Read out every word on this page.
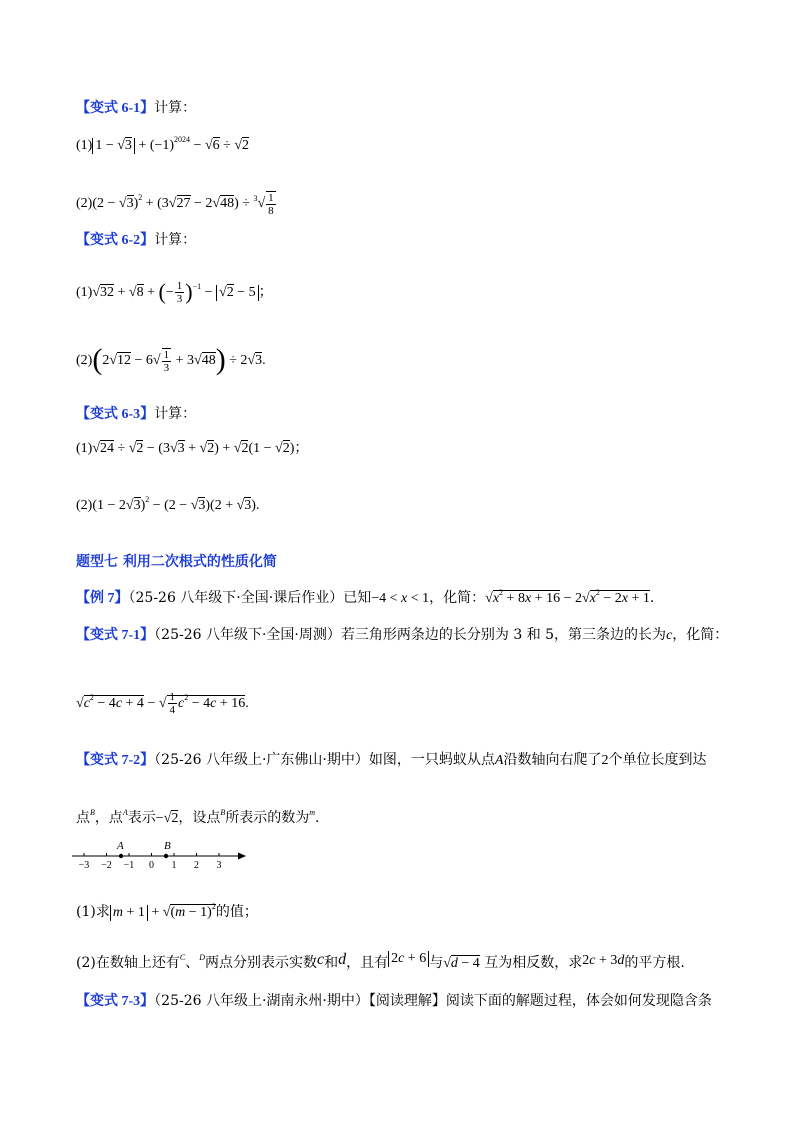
【变式 6-1】计算：
(1) $1 - √3 + (-1)^{2024} - √6 \div √2$
$(2)(2 - √3)^2 + (3√27 - 2√48) \div ^3√ \frac{1}{8}$
【变式 6-2】计算：
(1)√32 + √8 + (− $\frac{1}{3} )^{-1} - √2 - 5$ ；
$(2)(2√12 - 6√ \frac{1}{3} + 3√48) \div 2√3$.
【变式 6-3】计算：
(1)√24 ÷ √2 − (3√3 + √2) + √2(1 − √2)；
$(2)(1 - 2√3)^2 - (2 - √3)(2 + √3)$.
题型七 利用二次根式的性质化简
【例 7】（25-26 八年级下·全国·课后作业）已知−4 < x < 1，化简：$√x^2 + 8x + 16 - 2√x^2 - 2x + 1$.
【变式 7-1】（25-26 八年级下·全国·周测）若三角形两条边的长分别为 3 和 5，第三条边的长为c，化简：
$√c^2 - 4c + 4$ − √ $\frac{1}{4} c^2 - 4c + 16$.
【变式 7-2】（25-26 八年级上·广东佛山·期中）如图，一只蚂蚁从点A沿数轴向右爬了2个单位长度到达
点$^B$，点$^A$表示−√2，设点$^B$所表示的数为$^m$.
−3 −2 −1 0 1 2 3
A	B
(1)求 $m + 1 + √(m - 1)^2$的值；
(2)在数轴上还有$^C$、$^D$两点分别表示实数c和d，且有 2c + 6 与√d − 4 互为相反数，求2c + 3d的平方根.
【变式 7-3】（25-26 八年级上·湖南永州·期中）【阅读理解】阅读下面的解题过程，体会如何发现隐含条
